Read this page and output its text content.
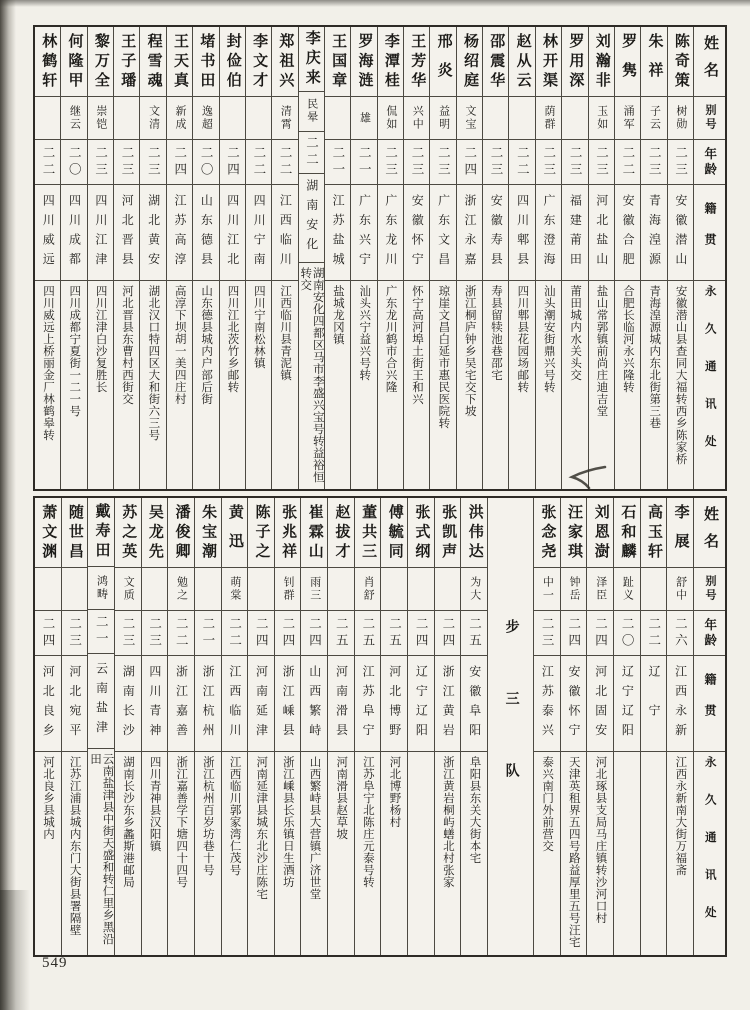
姓名
别号
年龄
籍贯
永久通讯处
陈奇策
树勋
二三
安徽潜山
安徽潜山县查同大福转西乡陈家桥
朱祥
子云
二三
青海湟源
青海湟源城内东北街第三巷
罗隽
涌军
二二
安徽合肥
合肥长临河永兴隆转
刘瀚非
玉如
二三
河北盐山
盐山常郭镇前尚庄迪吉堂
罗用深
二三
福建莆田
莆田城内水关头交
林开渠
荫群
二三
广东澄海
汕头潮安街鼎兴号转
赵从云
二二
四川郫县
四川郫县花园场邮转
邵震华
二三
安徽寿县
寿县留犊池巷邵宅
杨绍庭
文宝
二四
浙江永嘉
浙江桐庐钟乡吴宅交下坡
邢炎
益明
二三
广东文昌
琼崖文昌白延市惠民医院转
王芳华
兴中
二三
安徽怀宁
怀宁高河埠土街王和兴
李潭桂
侃如
二三
广东龙川
广东龙川鹤市合兴隆
罗海涟
雄
二一
广东兴宁
汕头兴宁益兴号转
王国章
二一
江苏盐城
盐城龙冈镇
李庆来
民晕
二二
湖南安化
湖南安化四都区马市李盛兴宝号转益裕恒转交
郑祖兴
清霄
二二
江西临川
江西临川县青泥镇
李文才
二二
四川宁南
四川宁南松林镇
封俭伯
二四
四川江北
四川江北茨竹乡邮转
堵书田
逸超
二〇
山东德县
山东德县城内户部后街
王天真
新成
二四
江苏高淳
高淳下坝胡一美四庄村
程雪魂
文清
二三
湖北黄安
湖北汉口特四区大和街六三号
王子璠
二三
河北晋县
河北晋县东曹村西街交
黎万全
崇铠
二三
四川江津
四川江津白沙复胜长
何隆甲
继云
二〇
四川成都
四川成都宁夏街一二一号
林鹤轩
二二
四川威远
四川威远上桥丽金厂林鹤皋转
姓名
别号
年龄
籍贯
永久通讯处
李展
舒中
二六
江西永新
江西永新南大街万福斋
高玉轩
二二
辽宁
石和麟
趾义
二〇
辽宁辽阳
刘恩澍
泽臣
二四
河北固安
河北琢县支局马庄镇转沙河口村
汪家琪
钟岳
二四
安徽怀宁
天津英租界五四号路益厚里五号汪宅
张念尧
中一
二三
江苏泰兴
泰兴南门外前营交
步三队
洪伟达
为大
二五
安徽阜阳
阜阳县东关大街本宅
张凯声
二四
浙江黄岩
浙江黄岩桐屿蟮北村张家
张式纲
二四
辽宁辽阳
傅毓同
二五
河北博野
河北博野杨村
董共三
肖舒
二五
江苏阜宁
江苏阜宁北陈庄元泰号转
赵拔才
二五
河南滑县
河南滑县赵草坡
崔霖山
雨三
二四
山西繁峙
山西繁峙县大营镇广济世堂
张兆祥
钊群
二四
浙江嵊县
浙江嵊县长乐镇日生酒坊
陈子之
二四
河南延津
河南延津县城东北沙庄陈宅
黄迅
萌棠
二二
江西临川
江西临川郭家湾仁茂号
朱宝潮
二一
浙江杭州
浙江杭州百岁坊巷十号
潘俊卿
勉之
二二
浙江嘉善
浙江嘉善学下塘四十四号
吴龙先
二三
四川青神
四川青神县汉阳镇
苏之英
文质
二三
湖南长沙
湖南长沙东乡蠡斯港邮局
戴寿田
鸿畴
二一
云南盐津
云南盐津县中街天盛和转仁里乡黑沿田
随世昌
二三
河北宛平
江苏江浦县城内东门大街县署隔壁
萧文渊
二四
河北良乡
河北良乡县城内
549
